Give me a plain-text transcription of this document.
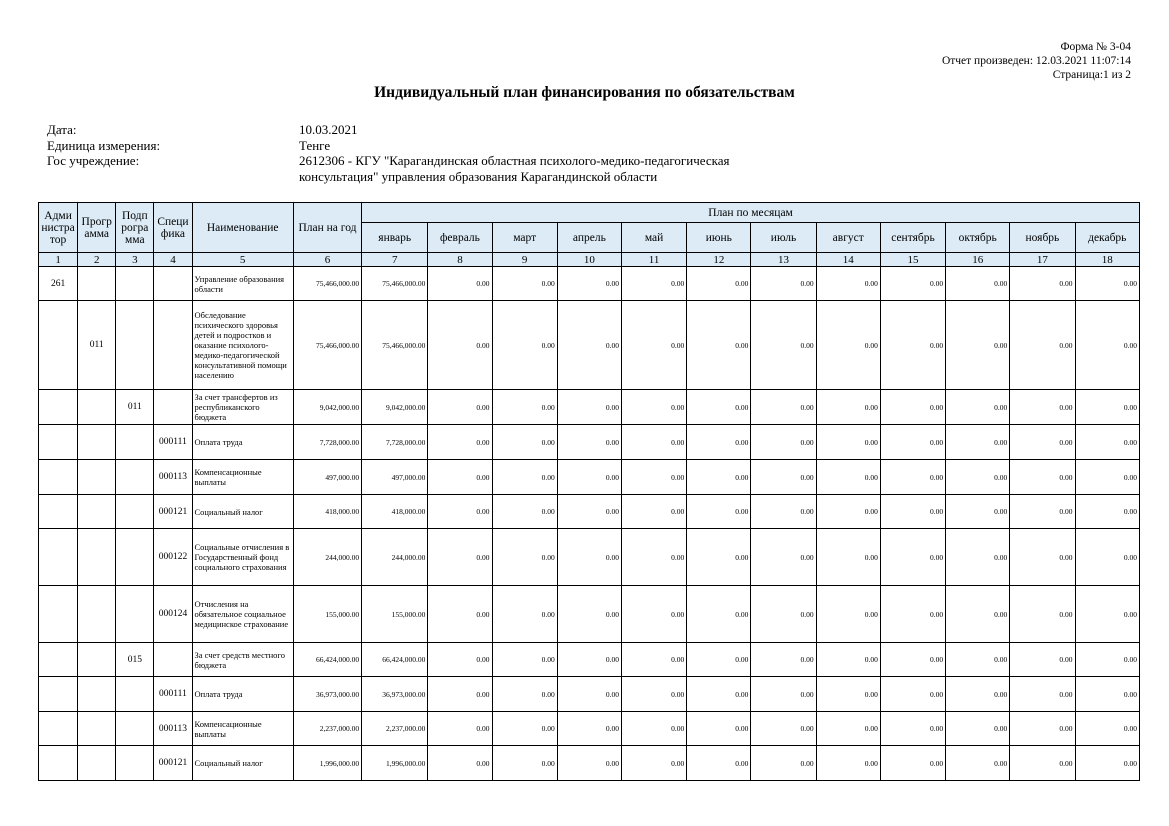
Форма № 3-04
Отчет произведен: 12.03.2021 11:07:14
Страница:1 из 2
Индивидуальный план финансирования по обязательствам
Дата:	10.03.2021
Единица измерения:	Тенге
Гос учреждение:	2612306 - КГУ "Карагандинская областная психолого-медико-педагогическая консультация" управления образования Карагандинской области
Адми нистра тор	Прогр амма	Подп рогра мма	Специ фика	Наименование	План на год	План по месяцам											
						январь	февраль	март	апрель	май	июнь	июль	август	сентябрь	октябрь	ноябрь	декабрь
1	2	3	4	5	6	7	8	9	10	11	12	13	14	15	16	17	18
261				Управление образования области	75,466,000.00	75,466,000.00	0.00	0.00	0.00	0.00	0.00	0.00	0.00	0.00	0.00	0.00	0.00
	011			Обследование психического здоровья детей и подростков и оказание психолого-медико-педагогической консультативной помощи населению	75,466,000.00	75,466,000.00	0.00	0.00	0.00	0.00	0.00	0.00	0.00	0.00	0.00	0.00	0.00
		011		За счет трансфертов из республиканского бюджета	9,042,000.00	9,042,000.00	0.00	0.00	0.00	0.00	0.00	0.00	0.00	0.00	0.00	0.00	0.00
			000111	Оплата труда	7,728,000.00	7,728,000.00	0.00	0.00	0.00	0.00	0.00	0.00	0.00	0.00	0.00	0.00	0.00
			000113	Компенсационные выплаты	497,000.00	497,000.00	0.00	0.00	0.00	0.00	0.00	0.00	0.00	0.00	0.00	0.00	0.00
			000121	Социальный налог	418,000.00	418,000.00	0.00	0.00	0.00	0.00	0.00	0.00	0.00	0.00	0.00	0.00	0.00
			000122	Социальные отчисления в Государственный фонд социального страхования	244,000.00	244,000.00	0.00	0.00	0.00	0.00	0.00	0.00	0.00	0.00	0.00	0.00	0.00
			000124	Отчисления на обязательное социальное медицинское страхование	155,000.00	155,000.00	0.00	0.00	0.00	0.00	0.00	0.00	0.00	0.00	0.00	0.00	0.00
		015		За счет средств местного бюджета	66,424,000.00	66,424,000.00	0.00	0.00	0.00	0.00	0.00	0.00	0.00	0.00	0.00	0.00	0.00
			000111	Оплата труда	36,973,000.00	36,973,000.00	0.00	0.00	0.00	0.00	0.00	0.00	0.00	0.00	0.00	0.00	0.00
			000113	Компенсационные выплаты	2,237,000.00	2,237,000.00	0.00	0.00	0.00	0.00	0.00	0.00	0.00	0.00	0.00	0.00	0.00
			000121	Социальный налог	1,996,000.00	1,996,000.00	0.00	0.00	0.00	0.00	0.00	0.00	0.00	0.00	0.00	0.00	0.00
